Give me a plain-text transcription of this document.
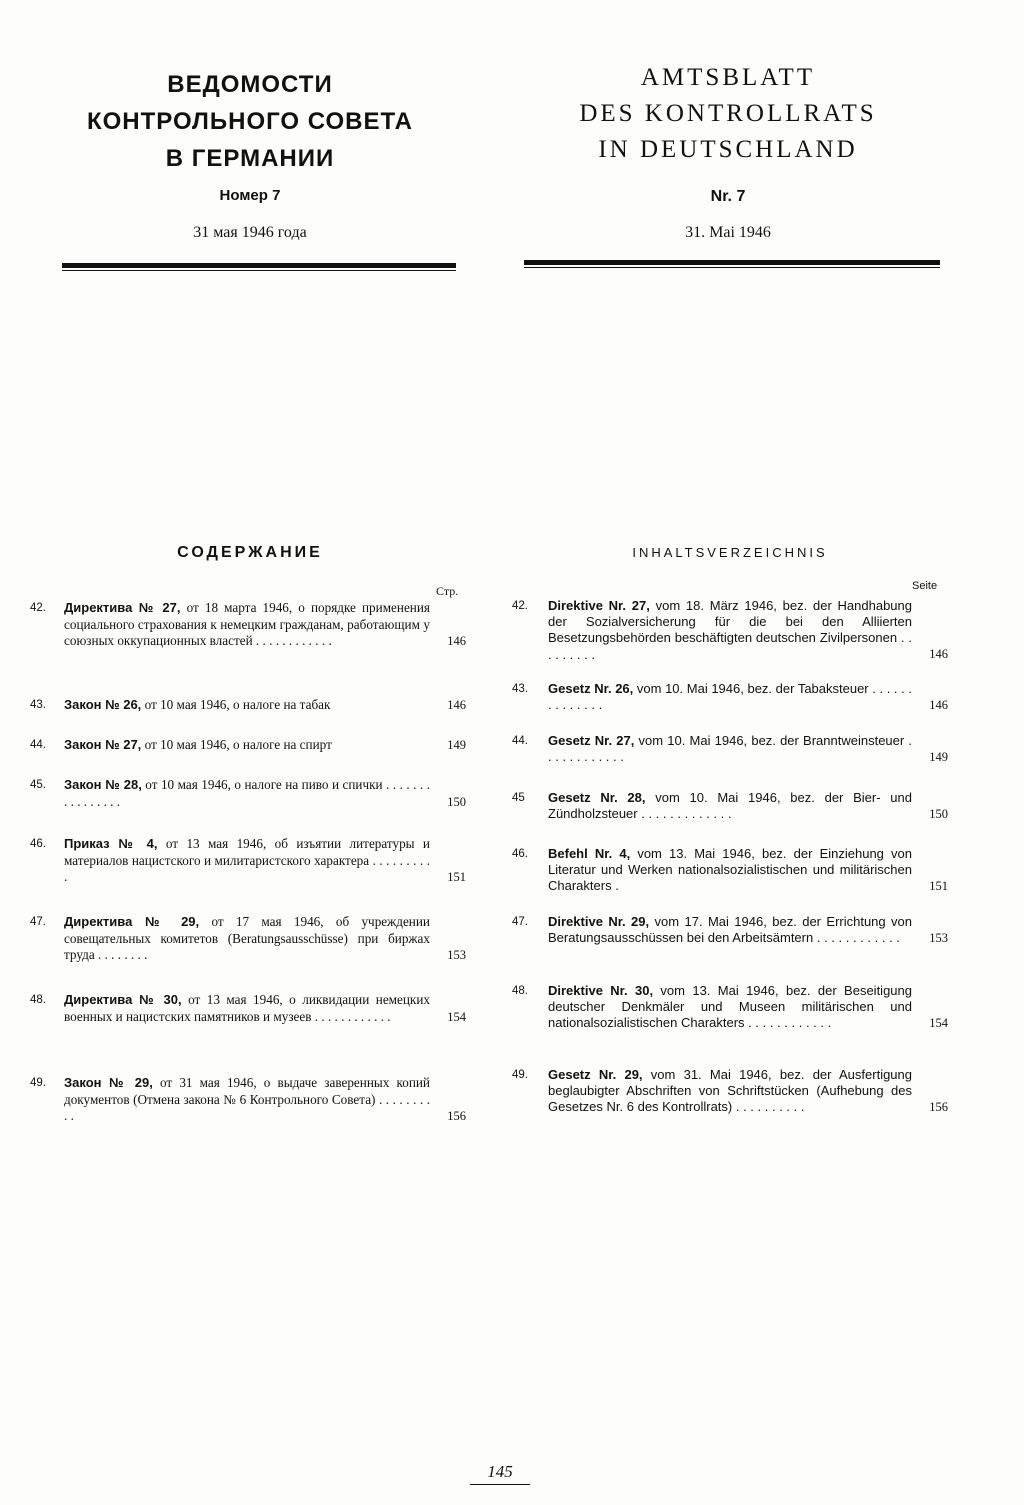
ВЕДОМОСТИ
КОНТРОЛЬНОГО СОВЕТА
В ГЕРМАНИИ
Номер 7
31 мая 1946 года
AMTSBLATT
DES KONTROLLRATS
IN DEUTSCHLAND
Nr. 7
31. Mai 1946
СОДЕРЖАНИЕ	INHALTSVERZEICHNIS
Стр.	Seite
42.	Директива № 27, от 18 марта 1946, о порядке применения социального страхования к немецким гражданам, работающим у союзных оккупационных властей . . . . . . . . . . . .	146
43.	Закон № 26, от 10 мая 1946, о налоге на табак	146
44.	Закон № 27, от 10 мая 1946, о налоге на спирт	149
45.	Закон № 28, от 10 мая 1946, о налоге на пиво и спички . . . . . . . . . . . . . . . .	150
46.	Приказ № 4, от 13 мая 1946, об изъятии литературы и материалов нацистского и милитаристского характера . . . . . . . . . .	151
47.	Директива № 29, от 17 мая 1946, об учреждении совещательных комитетов (Beratungsausschüsse) при биржах труда . . . . . . . .	153
48.	Директива № 30, от 13 мая 1946, о ликвидации немецких военных и нацистских памятников и музеев . . . . . . . . . . . .	154
49.	Закон № 29, от 31 мая 1946, о выдаче заверенных копий документов (Отмена закона № 6 Контрольного Совета) . . . . . . . . . .	156
42.	Direktive Nr. 27, vom 18. März 1946, bez. der Handhabung der Sozialversicherung für die bei den Alliierten Besetzungsbehörden beschäftigten deutschen Zivilpersonen . . . . . . . . .	146
43.	Gesetz Nr. 26, vom 10. Mai 1946, bez. der Tabaksteuer . . . . . . . . . . . . . .	146
44.	Gesetz Nr. 27, vom 10. Mai 1946, bez. der Branntweinsteuer . . . . . . . . . . . .	149
45	Gesetz Nr. 28, vom 10. Mai 1946, bez. der Bier- und Zündholzsteuer . . . . . . . . . . . . .	150
46.	Befehl Nr. 4, vom 13. Mai 1946, bez. der Einziehung von Literatur und Werken nationalsozialistischen und militärischen Charakters .	151
47.	Direktive Nr. 29, vom 17. Mai 1946, bez. der Errichtung von Beratungsausschüssen bei den Arbeitsämtern . . . . . . . . . . . .	153
48.	Direktive Nr. 30, vom 13. Mai 1946, bez. der Beseitigung deutscher Denkmäler und Museen militärischen und nationalsozialistischen Charakters . . . . . . . . . . . .	154
49.	Gesetz Nr. 29, vom 31. Mai 1946, bez. der Ausfertigung beglaubigter Abschriften von Schriftstücken (Aufhebung des Gesetzes Nr. 6 des Kontrollrats) . . . . . . . . . .	156
145
